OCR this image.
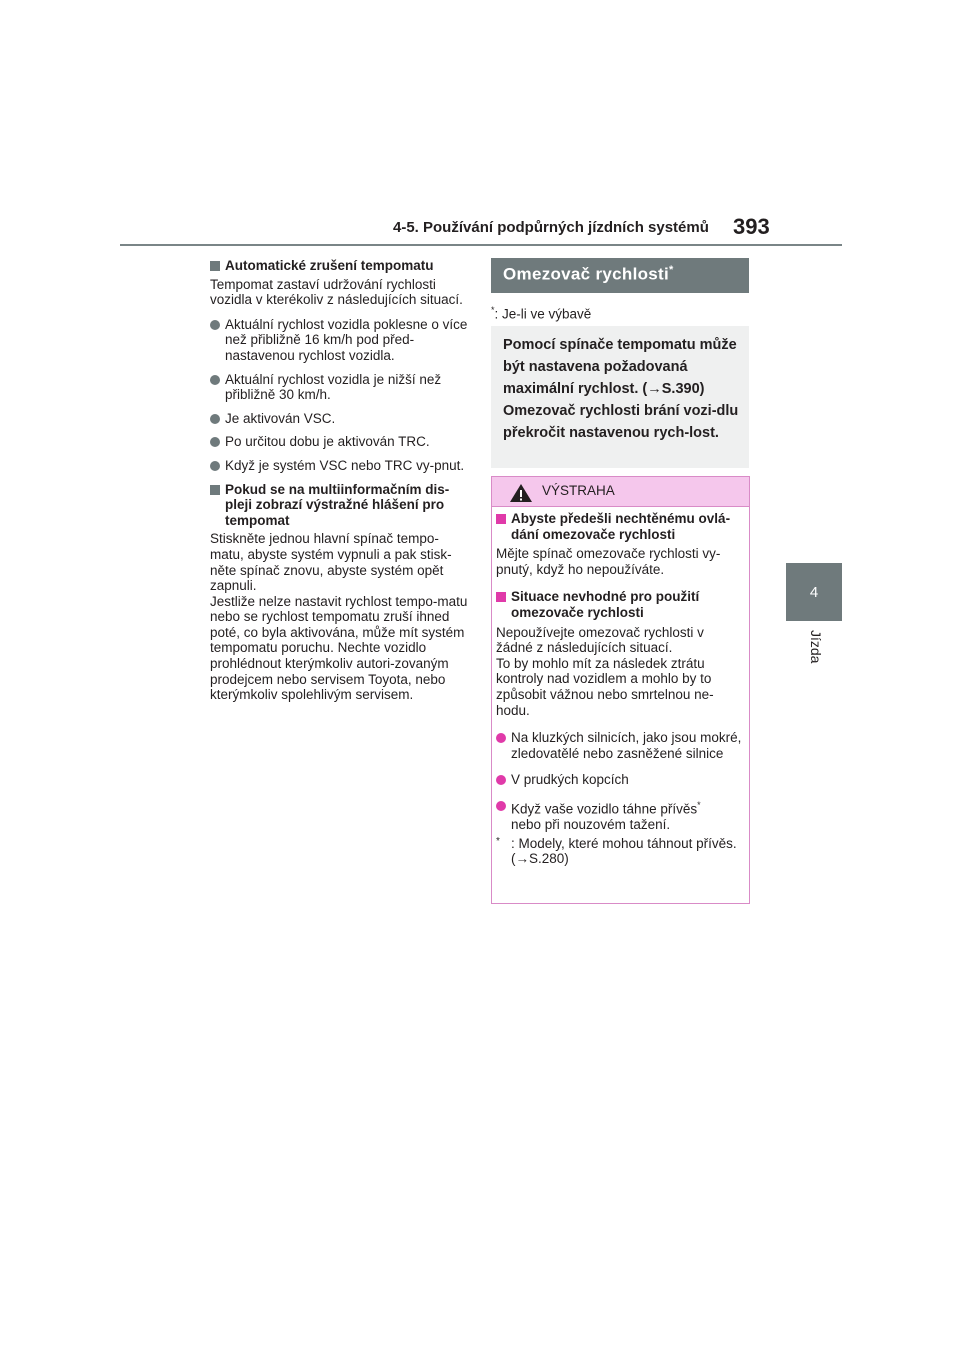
4-5. Používání podpůrných jízdních systémů 393
4
Jízda
Automatické zrušení tempomatu
Tempomat zastaví udržování rychlosti vozidla v kterékoliv z následujících situací.
Aktuální rychlost vozidla poklesne o více než přibližně 16 km/h pod před-nastavenou rychlost vozidla.
Aktuální rychlost vozidla je nižší než přibližně 30 km/h.
Je aktivován VSC.
Po určitou dobu je aktivován TRC.
Když je systém VSC nebo TRC vy-pnut.
Pokud se na multiinformačním dis-pleji zobrazí výstražné hlášení pro tempomat
Stiskněte jednou hlavní spínač tempo-matu, abyste systém vypnuli a pak stisk-něte spínač znovu, abyste systém opět zapnuli.
Jestliže nelze nastavit rychlost tempo-matu nebo se rychlost tempomatu zruší ihned poté, co byla aktivována, může mít systém tempomatu poruchu. Nechte vozidlo prohlédnout kterýmkoliv autori-zovaným prodejcem nebo servisem Toyota, nebo kterýmkoliv spolehlivým servisem.
Omezovač rychlosti*
*: Je-li ve výbavě
Pomocí spínače tempomatu může být nastavena požadovaná maximální rychlost. (→S.390) Omezovač rychlosti brání vozi-dlu překročit nastavenou rych-lost.
VÝSTRAHA
Abyste předešli nechtěnému ovlá-dání omezovače rychlosti
Mějte spínač omezovače rychlosti vy-pnutý, když ho nepoužíváte.
Situace nevhodné pro použití omezovače rychlosti
Nepoužívejte omezovač rychlosti v žádné z následujících situací.
To by mohlo mít za následek ztrátu kontroly nad vozidlem a mohlo by to způsobit vážnou nebo smrtelnou ne-hodu.
Na kluzkých silnicích, jako jsou mokré, zledovatělé nebo zasněžené silnice
V prudkých kopcích
Když vaše vozidlo táhne přívěs*
nebo při nouzovém tažení.
* : Modely, které mohou táhnout přívěs. (→S.280)
